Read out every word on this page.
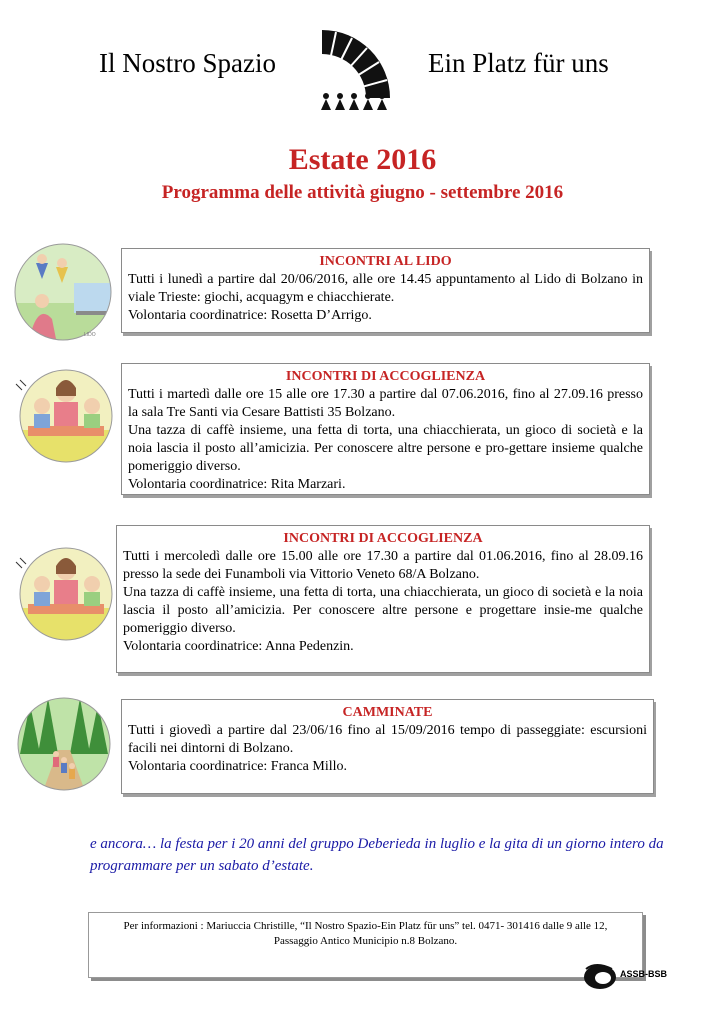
Il Nostro Spazio	Ein Platz für uns
Estate 2016
Programma delle attività giugno - settembre 2016
LIDO
INCONTRI AL LIDO

Tutti i lunedì a partire dal 20/06/2016, alle ore 14.45 appuntamento al Lido di Bolzano in viale Trieste: giochi, acquagym e chiacchierate.

Volontaria coordinatrice: Rosetta D’Arrigo.

INCONTRI DI ACCOGLIENZA

Tutti i martedì dalle ore 15 alle ore 17.30 a partire dal 07.06.2016, fino al 27.09.16 presso la sala Tre Santi via Cesare Battisti 35 Bolzano.

Una tazza di caffè insieme, una fetta di torta, una chiacchierata, un gioco di società e la noia lascia il posto all’amicizia. Per conoscere altre persone e pro-gettare insieme qualche pomeriggio diverso.

Volontaria coordinatrice: Rita Marzari.

INCONTRI DI ACCOGLIENZA

Tutti i mercoledì dalle ore 15.00 alle ore 17.30 a partire dal 01.06.2016, fino al 28.09.16 presso la sede dei Funamboli via Vittorio Veneto 68/A Bolzano.

Una tazza di caffè insieme, una fetta di torta, una chiacchierata, un gioco di società e la noia lascia il posto all’amicizia. Per conoscere altre persone e progettare insie-me qualche pomeriggio diverso.

Volontaria coordinatrice: Anna Pedenzin.

CAMMINATE

Tutti i giovedì a partire dal 23/06/16 fino al 15/09/2016 tempo di passeggiate: escursioni facili nei dintorni di Bolzano.

Volontaria coordinatrice: Franca Millo.

e ancora… la festa per i 20 anni del gruppo Deberieda in luglio e la gita di un giorno intero da programmare per un sabato d’estate.
Per informazioni : Mariuccia Christille, “Il Nostro Spazio-Ein Platz für uns” tel. 0471- 301416 dalle 9 alle 12,
Passaggio Antico Municipio n.8 Bolzano.
ASSB-BSB
